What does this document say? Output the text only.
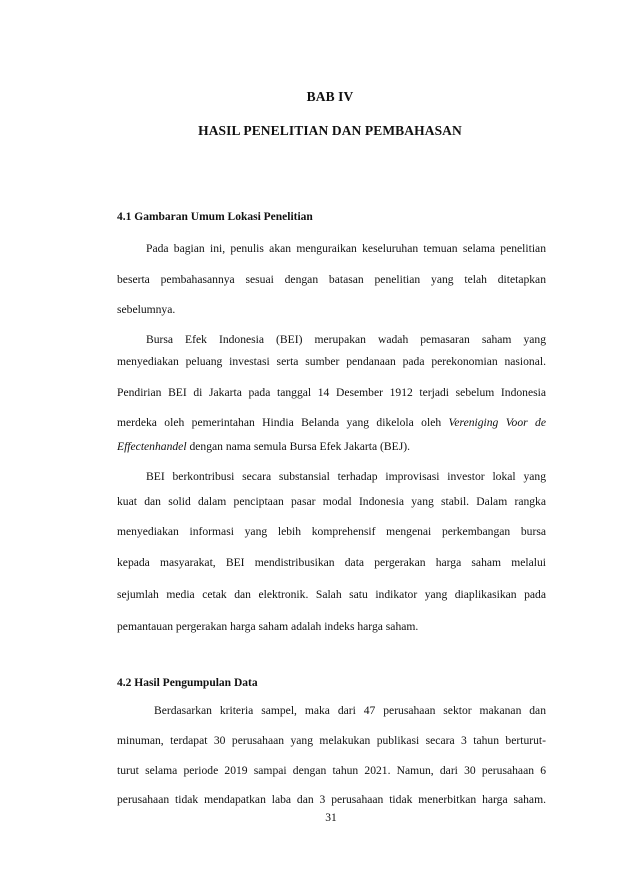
BAB IV
HASIL PENELITIAN DAN PEMBAHASAN
4.1 Gambaran Umum Lokasi Penelitian
Pada bagian ini, penulis akan menguraikan keseluruhan temuan selama penelitian
beserta pembahasannya sesuai dengan batasan penelitian yang telah ditetapkan
sebelumnya.
Bursa Efek Indonesia (BEI) merupakan wadah pemasaran saham yang
menyediakan peluang investasi serta sumber pendanaan pada perekonomian nasional.
Pendirian BEI di Jakarta pada tanggal 14 Desember 1912 terjadi sebelum Indonesia
merdeka oleh pemerintahan Hindia Belanda yang dikelola oleh Vereniging Voor de
Effectenhandel dengan nama semula Bursa Efek Jakarta (BEJ).
BEI berkontribusi secara substansial terhadap improvisasi investor lokal yang
kuat dan solid dalam penciptaan pasar modal Indonesia yang stabil. Dalam rangka
menyediakan informasi yang lebih komprehensif mengenai perkembangan bursa
kepada masyarakat, BEI mendistribusikan data pergerakan harga saham melalui
sejumlah media cetak dan elektronik. Salah satu indikator yang diaplikasikan pada
pemantauan pergerakan harga saham adalah indeks harga saham.
4.2 Hasil Pengumpulan Data
Berdasarkan kriteria sampel, maka dari 47 perusahaan sektor makanan dan
minuman, terdapat 30 perusahaan yang melakukan publikasi secara 3 tahun berturut-
turut selama periode 2019 sampai dengan tahun 2021. Namun, dari 30 perusahaan 6
perusahaan tidak mendapatkan laba dan 3 perusahaan tidak menerbitkan harga saham.
31
